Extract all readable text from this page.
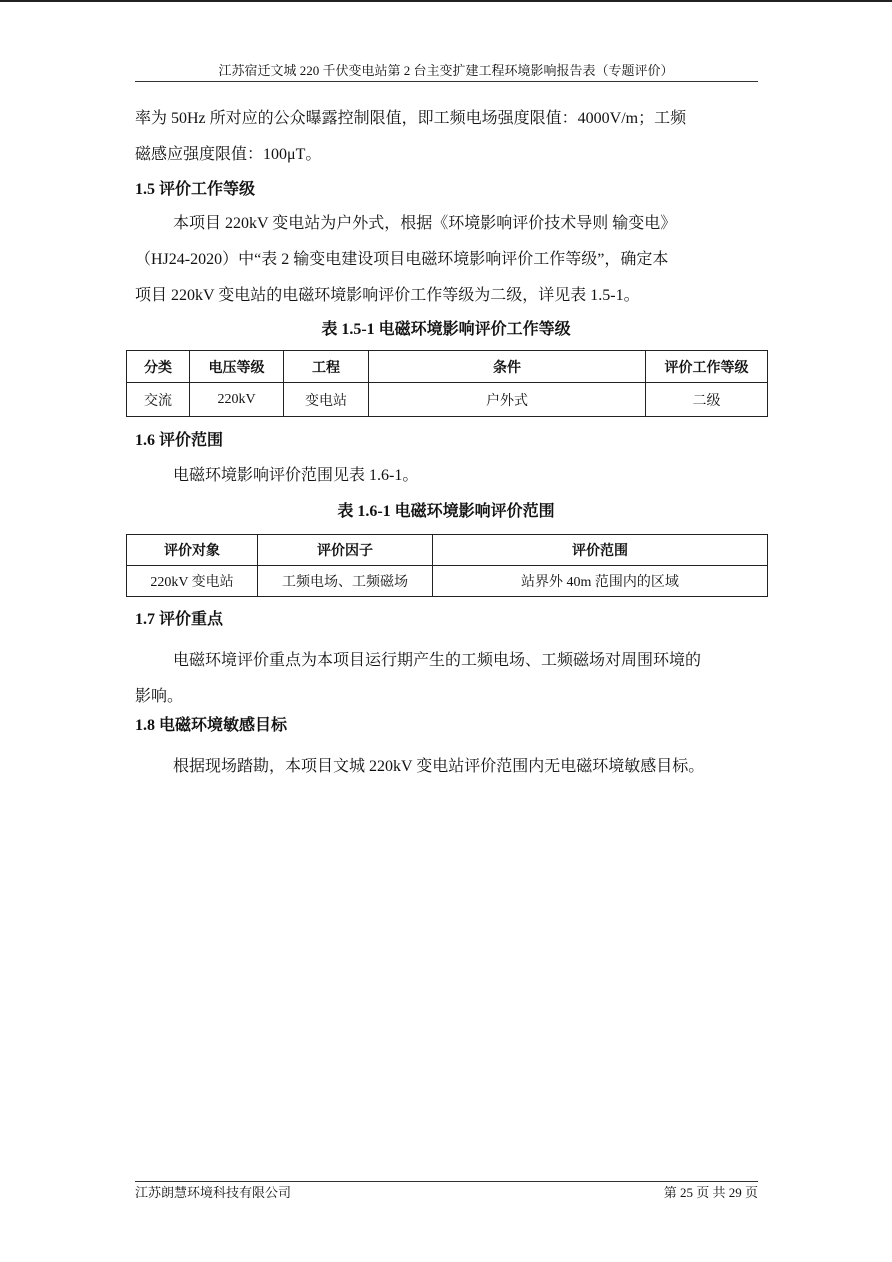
江苏宿迁文城 220 千伏变电站第 2 台主变扩建工程环境影响报告表（专题评价）
率为 50Hz 所对应的公众曝露控制限值，即工频电场强度限值：4000V/m；工频
磁感应强度限值：100μT。
1.5 评价工作等级
本项目 220kV 变电站为户外式，根据《环境影响评价技术导则 输变电》
（HJ24-2020）中“表 2 输变电建设项目电磁环境影响评价工作等级”，确定本
项目 220kV 变电站的电磁环境影响评价工作等级为二级，详见表 1.5-1。
表 1.5-1 电磁环境影响评价工作等级
分类	电压等级	工程	条件	评价工作等级
交流	220kV	变电站	户外式	二级
1.6 评价范围
电磁环境影响评价范围见表 1.6-1。
表 1.6-1 电磁环境影响评价范围
评价对象	评价因子	评价范围
220kV 变电站	工频电场、工频磁场	站界外 40m 范围内的区域
1.7 评价重点
电磁环境评价重点为本项目运行期产生的工频电场、工频磁场对周围环境的
影响。
1.8 电磁环境敏感目标
根据现场踏勘，本项目文城 220kV 变电站评价范围内无电磁环境敏感目标。
江苏朗慧环境科技有限公司	第 25 页 共 29 页
